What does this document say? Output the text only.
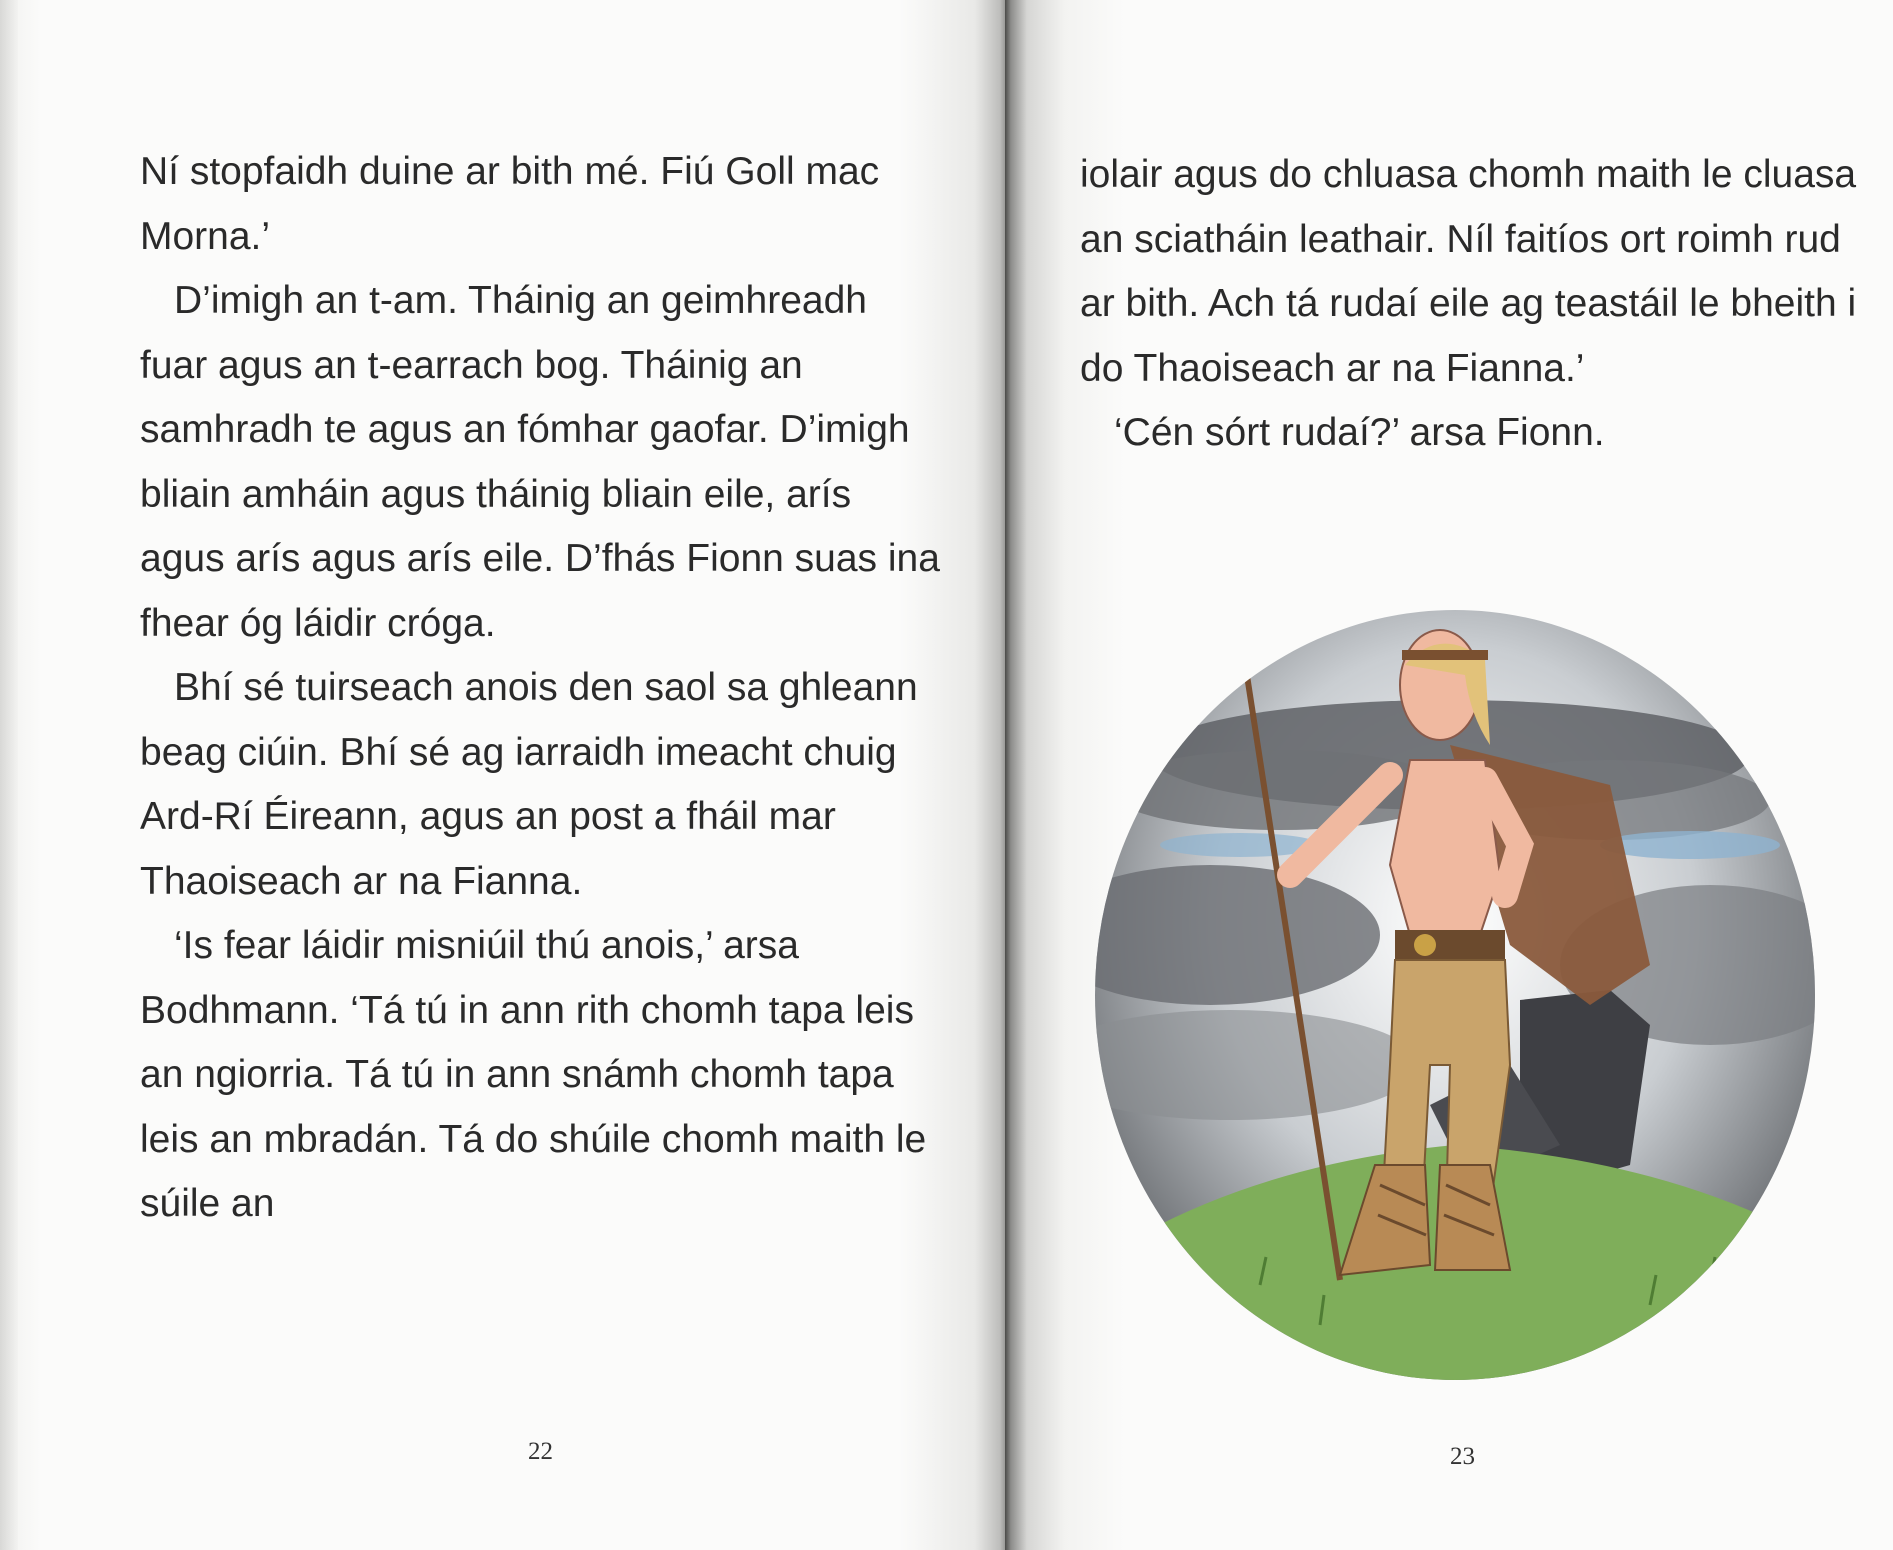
Ní stopfaidh duine ar bith mé. Fiú Goll mac Morna.’

D’imigh an t-am. Tháinig an geimhreadh fuar agus an t-earrach bog. Tháinig an samhradh te agus an fómhar gaofar. D’imigh bliain amháin agus tháinig bliain eile, arís agus arís agus arís eile. D’fhás Fionn suas ina fhear óg láidir cróga.

Bhí sé tuirseach anois den saol sa ghleann beag ciúin. Bhí sé ag iarraidh imeacht chuig Ard-Rí Éireann, agus an post a fháil mar Thaoiseach ar na Fianna.

‘Is fear láidir misniúil thú anois,’ arsa Bodhmann. ‘Tá tú in ann rith chomh tapa leis an ngiorria. Tá tú in ann snámh chomh tapa leis an mbradán. Tá do shúile chomh maith le súile an

22

iolair agus do chluasa chomh maith le cluasa an sciatháin leathair. Níl faitíos ort roimh rud ar bith. Ach tá rudaí eile ag teastáil le bheith i do Thaoiseach ar na Fianna.’

‘Cén sórt rudaí?’ arsa Fionn.

23
